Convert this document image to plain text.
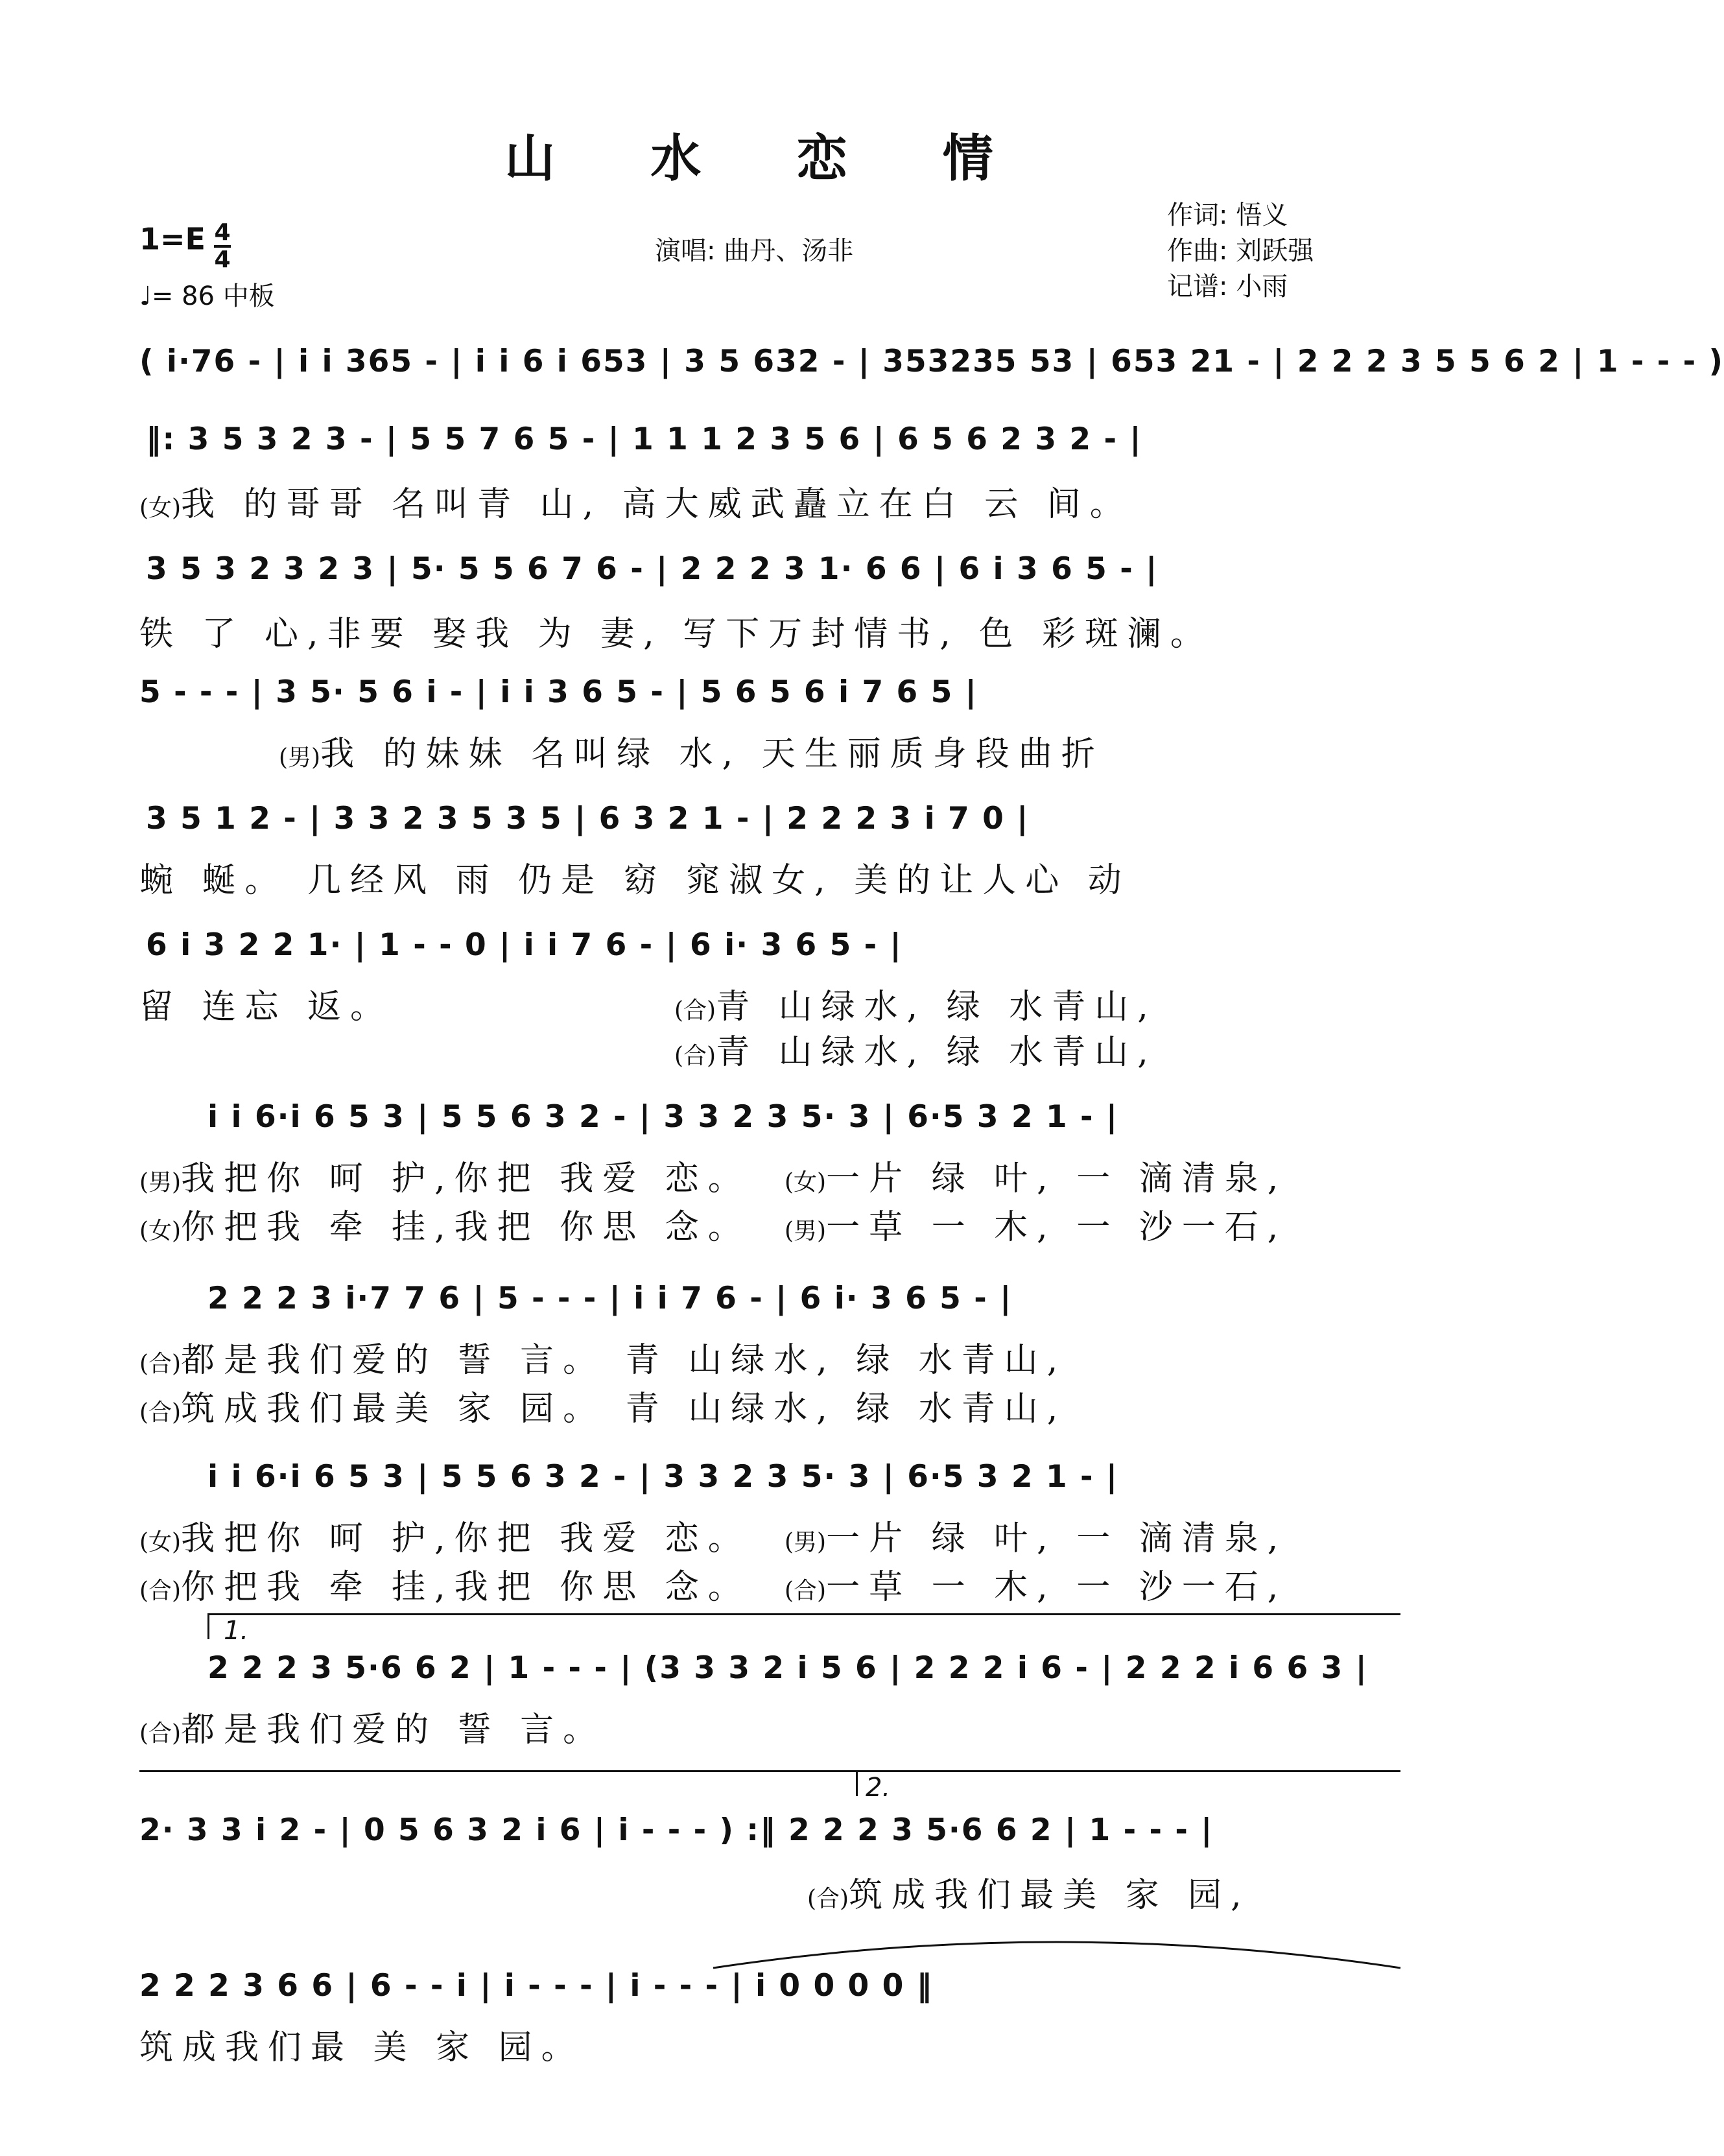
山 水 恋 情
作词: 悟义
作曲: 刘跃强
记谱: 小雨
演唱: 曲丹、汤非
$1=E \frac{4}{4}$
♩= 86 中板
( i·76 - | i i 365 - | i i 6 i 653 | 3 5 632 - | 353235 53 | 653 21 - | 2 2 2 3 5 5 6 2 | 1 - - - )
‖: 3 5 3 2 3 - | 5 5 7 6 5 - | 1 1 1 2 3 5 6 | 6 5 6 2 3 2 - |
(女)我 的哥哥 名叫青 山, 高大威武矗立在白 云 间。
3 5 3 2 3 2 3 | 5· 5 5 6 7 6 - | 2 2 2 3 1· 6 6 | 6 i 3 6 5 - |
铁 了 心,非要 娶我 为 妻, 写下万封情书, 色 彩斑澜。
5 - - - | 3 5· 5 6 i - | i i 3 6 5 - | 5 6 5 6 i 7 6 5 |
(男)我 的妹妹 名叫绿 水, 天生丽质身段曲折
3 5 1 2 - | 3 3 2 3 5 3 5 | 6 3 2 1 - | 2 2 2 3 i 7 0 |
蜿 蜒。 几经风 雨 仍是 窈 窕淑女, 美的让人心 动
6 i 3 2 2 1· | 1 - - 0 | i i 7 6 - | 6 i· 3 6 5 - |
留 连忘 返。	(合)青 山绿水, 绿 水青山,
(合)青 山绿水, 绿 水青山,
i i 6·i 6 5 3 | 5 5 6 3 2 - | 3 3 2 3 5· 3 | 6·5 3 2 1 - |
(男)我把你 呵 护,你把 我爱 恋。 (女)一片 绿 叶, 一 滴清泉,
(女)你把我 牵 挂,我把 你思 念。 (男)一草 一 木, 一 沙一石,
2 2 2 3 i·7 7 6 | 5 - - - | i i 7 6 - | 6 i· 3 6 5 - |
(合)都是我们爱的 誓 言。 青 山绿水, 绿 水青山,
(合)筑成我们最美 家 园。 青 山绿水, 绿 水青山,
i i 6·i 6 5 3 | 5 5 6 3 2 - | 3 3 2 3 5· 3 | 6·5 3 2 1 - |
(女)我把你 呵 护,你把 我爱 恋。 (男)一片 绿 叶, 一 滴清泉,
(合)你把我 牵 挂,我把 你思 念。 (合)一草 一 木, 一 沙一石,
1.
2 2 2 3 5·6 6 2 | 1 - - - | (3 3 3 2 i 5 6 | 2 2 2 i 6 - | 2 2 2 i 6 6 3 |
(合)都是我们爱的 誓 言。
2.
2· 3 3 i 2 - | 0 5 6 3 2 i 6 | i - - - ) :‖ 2 2 2 3 5·6 6 2 | 1 - - - |
(合)筑成我们最美 家 园,
2 2 2 3 6 6 | 6 - - i | i - - - | i - - - | i 0 0 0 0 ‖
筑成我们最 美 家 园。
